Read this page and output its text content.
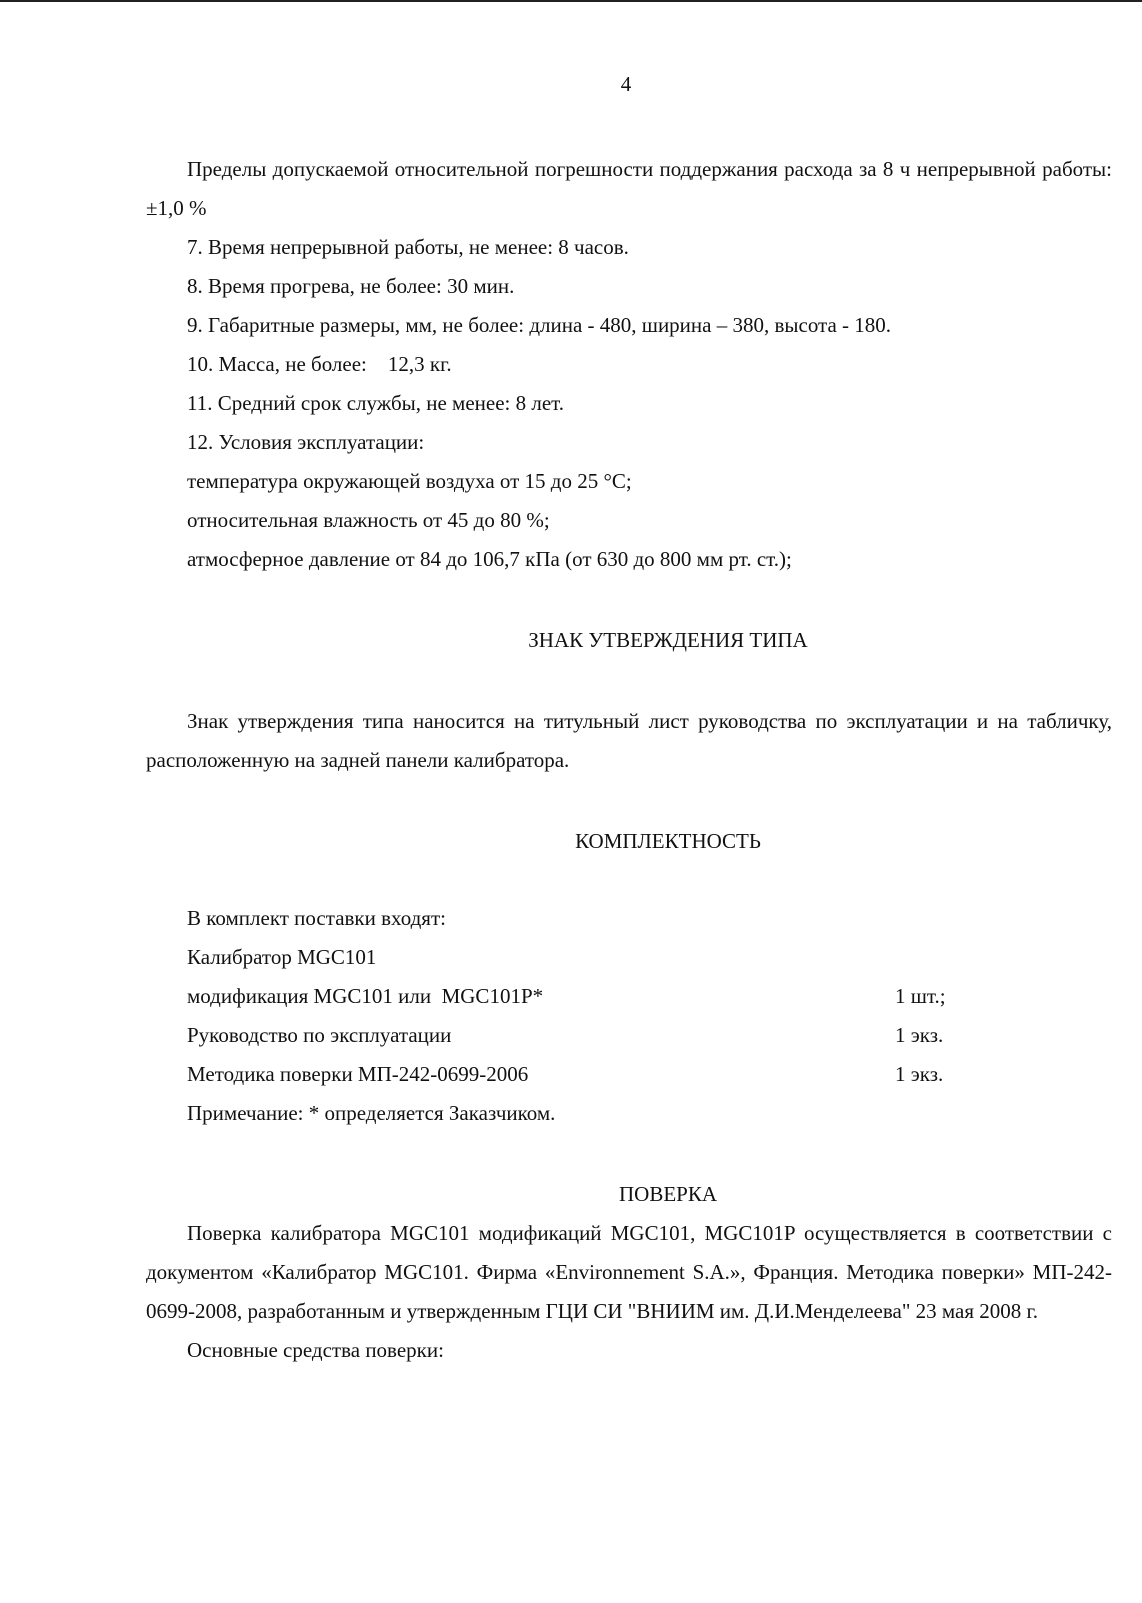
4

Пределы допускаемой относительной погрешности поддержания расхода за 8 ч непрерывной работы: ±1,0 %

7. Время непрерывной работы, не менее: 8 часов.

8. Время прогрева, не более: 30 мин.

9. Габаритные размеры, мм, не более: длина - 480, ширина – 380, высота - 180.

10. Масса, не более:    12,3 кг.

11. Средний срок службы, не менее: 8 лет.

12. Условия эксплуатации:

температура окружающей воздуха от 15 до 25 °С;

относительная влажность от 45 до 80 %;

атмосферное давление от 84 до 106,7 кПа (от 630 до 800 мм рт. ст.);

ЗНАК УТВЕРЖДЕНИЯ ТИПА

Знак утверждения типа наносится на титульный лист руководства по эксплуатации и на табличку, расположенную на задней панели калибратора.

КОМПЛЕКТНОСТЬ

В комплект поставки входят:

Калибратор MGC101

модификация MGC101 или  MGC101P*	1 шт.;
Руководство по эксплуатации	1 экз.
Методика поверки МП-242-0699-2006	1 экз.

Примечание: * определяется Заказчиком.

ПОВЕРКА

Поверка калибратора MGC101 модификаций MGC101, MGC101P осуществляется в соответствии с документом «Калибратор MGC101. Фирма «Environnement S.A.», Франция. Методика поверки» МП-242-0699-2008, разработанным и утвержденным ГЦИ СИ "ВНИИМ им. Д.И.Менделеева" 23 мая 2008 г.

Основные средства поверки:
